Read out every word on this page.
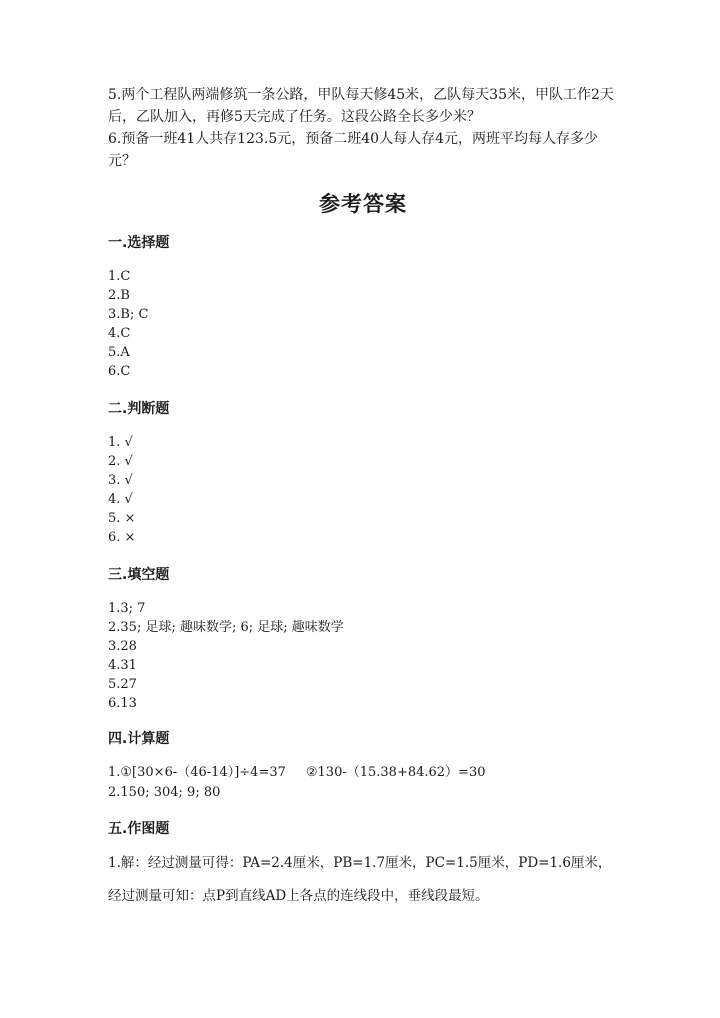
5.两个工程队两端修筑一条公路，甲队每天修45米，乙队每天35米，甲队工作2天后，乙队加入，再修5天完成了任务。这段公路全长多少米？

6.预备一班41人共存123.5元，预备二班40人每人存4元，两班平均每人存多少元？

参考答案
一.选择题
1.C
2.B
3.B; C
4.C
5.A
6.C
二.判断题
1. √
2. √
3. √
4. √
5. ×
6. ×
三.填空题
1.3; 7
2.35; 足球; 趣味数学; 6; 足球; 趣味数学
3.28
4.31
5.27
6.13
四.计算题
1.①[30×6-（46-14）]÷4=37 ②130-（15.38+84.62）=30
2.150; 304; 9; 80
五.作图题

1.解：经过测量可得：PA=2.4厘米，PB=1.7厘米，PC=1.5厘米，PD=1.6厘米，

经过测量可知：点P到直线AD上各点的连线段中，垂线段最短。
